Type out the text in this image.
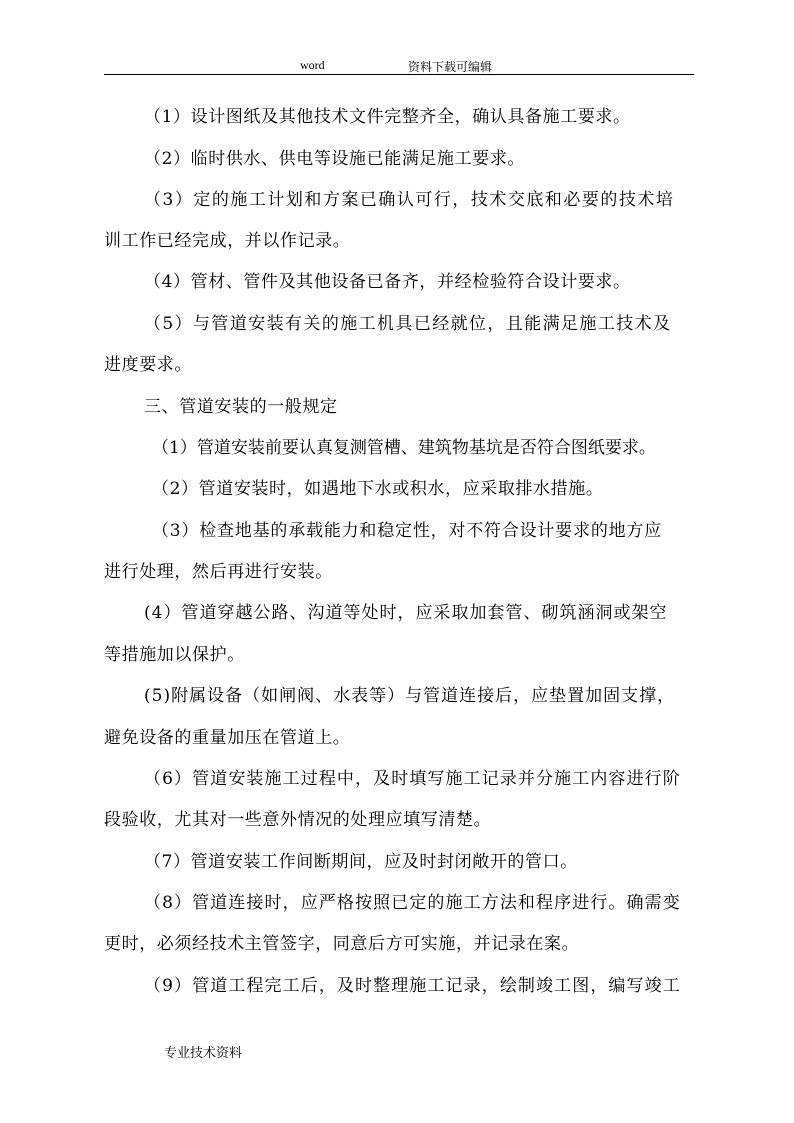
word	资料下载可编辑
（1）设计图纸及其他技术文件完整齐全，确认具备施工要求。
（2）临时供水、供电等设施已能满足施工要求。
（3）定的施工计划和方案已确认可行，技术交底和必要的技术培
训工作已经完成，并以作记录。
（4）管材、管件及其他设备已备齐，并经检验符合设计要求。
（5）与管道安装有关的施工机具已经就位，且能满足施工技术及
进度要求。
三、管道安装的一般规定
（1）管道安装前要认真复测管槽、建筑物基坑是否符合图纸要求。
（2）管道安装时，如遇地下水或积水，应采取排水措施。
（3）检查地基的承载能力和稳定性，对不符合设计要求的地方应
进行处理，然后再进行安装。
(4）管道穿越公路、沟道等处时，应采取加套管、砌筑涵洞或架空
等措施加以保护。
(5)附属设备（如闸阀、水表等）与管道连接后，应垫置加固支撑，
避免设备的重量加压在管道上。
（6）管道安装施工过程中，及时填写施工记录并分施工内容进行阶
段验收，尤其对一些意外情况的处理应填写清楚。
（7）管道安装工作间断期间，应及时封闭敞开的管口。
（8）管道连接时，应严格按照已定的施工方法和程序进行。确需变
更时，必须经技术主管签字，同意后方可实施，并记录在案。
（9）管道工程完工后，及时整理施工记录，绘制竣工图，编写竣工
专业技术资料
